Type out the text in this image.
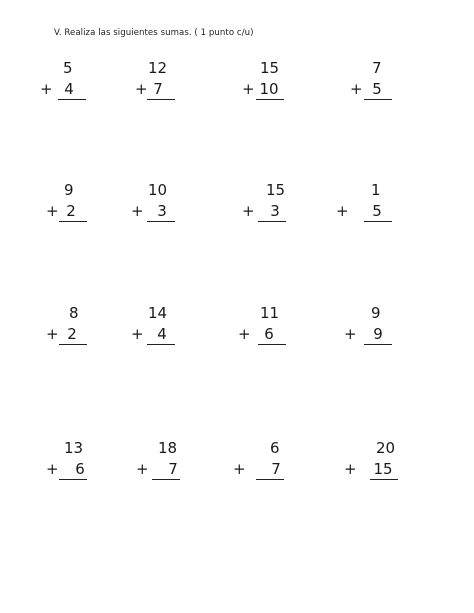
V. Realiza las siguientes sumas. ( 1 punto c/u)
5
+ 4
12
+ 7
15
+ 10
7
+ 5
9
+ 2
10
+ 3
15
+ 3
1
+ 5
8
+ 2
14
+ 4
11
+ 6
9
+ 9
13
+ 6
18
+ 7
6
+ 7
20
+ 15
